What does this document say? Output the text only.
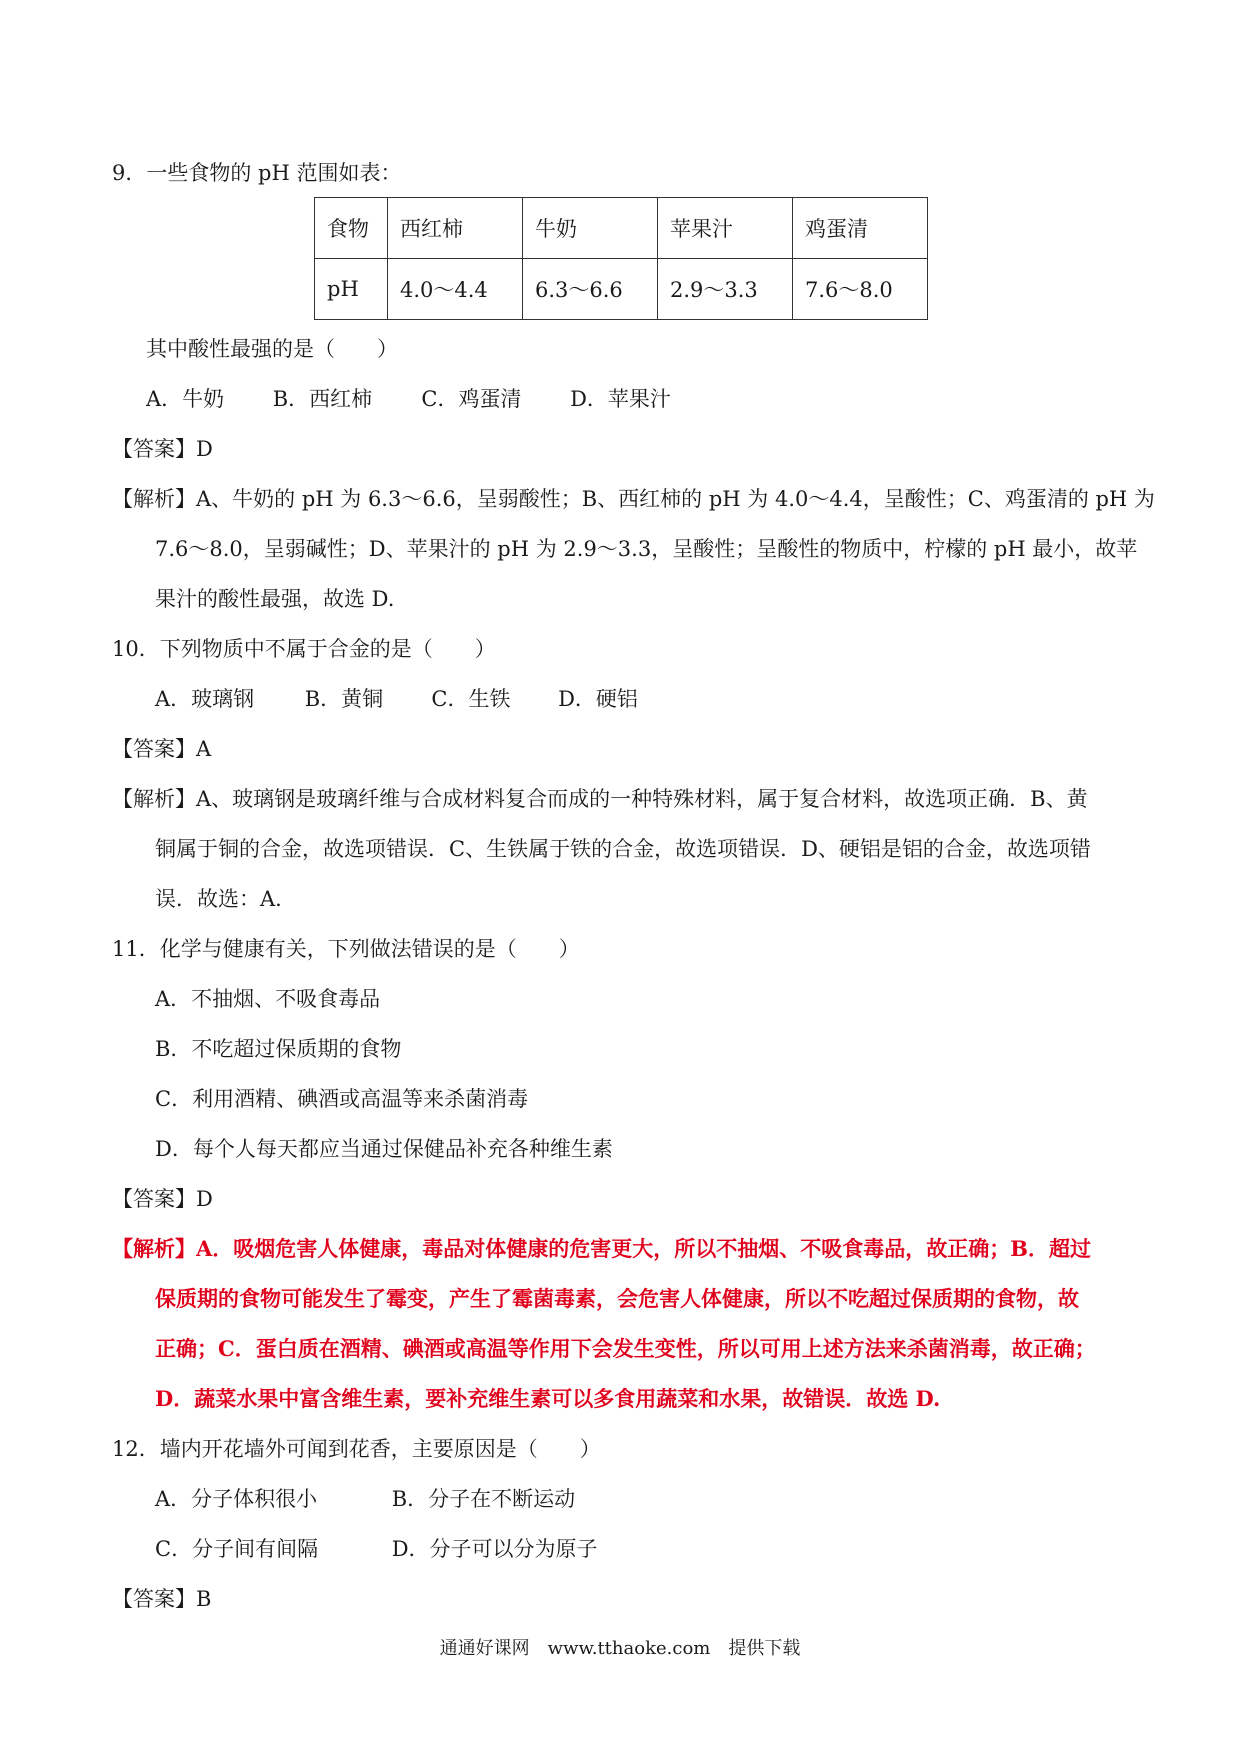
9．一些食物的 pH 范围如表：
食物	西红柿	牛奶	苹果汁	鸡蛋清
pH	4.0～4.4	6.3～6.6	2.9～3.3	7.6～8.0
其中酸性最强的是（　　）
A．牛奶 B．西红柿 C．鸡蛋清 D．苹果汁
【答案】D
【解析】A、牛奶的 pH 为 6.3～6.6，呈弱酸性；B、西红柿的 pH 为 4.0～4.4，呈酸性；C、鸡蛋清的 pH 为
7.6～8.0，呈弱碱性；D、苹果汁的 pH 为 2.9～3.3，呈酸性；呈酸性的物质中，柠檬的 pH 最小，故苹
果汁的酸性最强，故选 D.
10．下列物质中不属于合金的是（　　）
A．玻璃钢 B．黄铜 C．生铁 D．硬铝
【答案】A
【解析】A、玻璃钢是玻璃纤维与合成材料复合而成的一种特殊材料，属于复合材料，故选项正确．B、黄
铜属于铜的合金，故选项错误．C、生铁属于铁的合金，故选项错误．D、硬铝是铝的合金，故选项错
误．故选：A.
11．化学与健康有关，下列做法错误的是（　　）
A．不抽烟、不吸食毒品
B．不吃超过保质期的食物
C．利用酒精、碘酒或高温等来杀菌消毒
D．每个人每天都应当通过保健品补充各种维生素
【答案】D
【解析】A．吸烟危害人体健康，毒品对体健康的危害更大，所以不抽烟、不吸食毒品，故正确；B．超过
保质期的食物可能发生了霉变，产生了霉菌毒素，会危害人体健康，所以不吃超过保质期的食物，故
正确；C．蛋白质在酒精、碘酒或高温等作用下会发生变性，所以可用上述方法来杀菌消毒，故正确；
D．蔬菜水果中富含维生素，要补充维生素可以多食用蔬菜和水果，故错误．故选 D.
12．墙内开花墙外可闻到花香，主要原因是（　　）
A．分子体积很小	B．分子在不断运动
C．分子间有间隔	D．分子可以分为原子
【答案】B
通通好课网　www.tthaoke.com　提供下载
